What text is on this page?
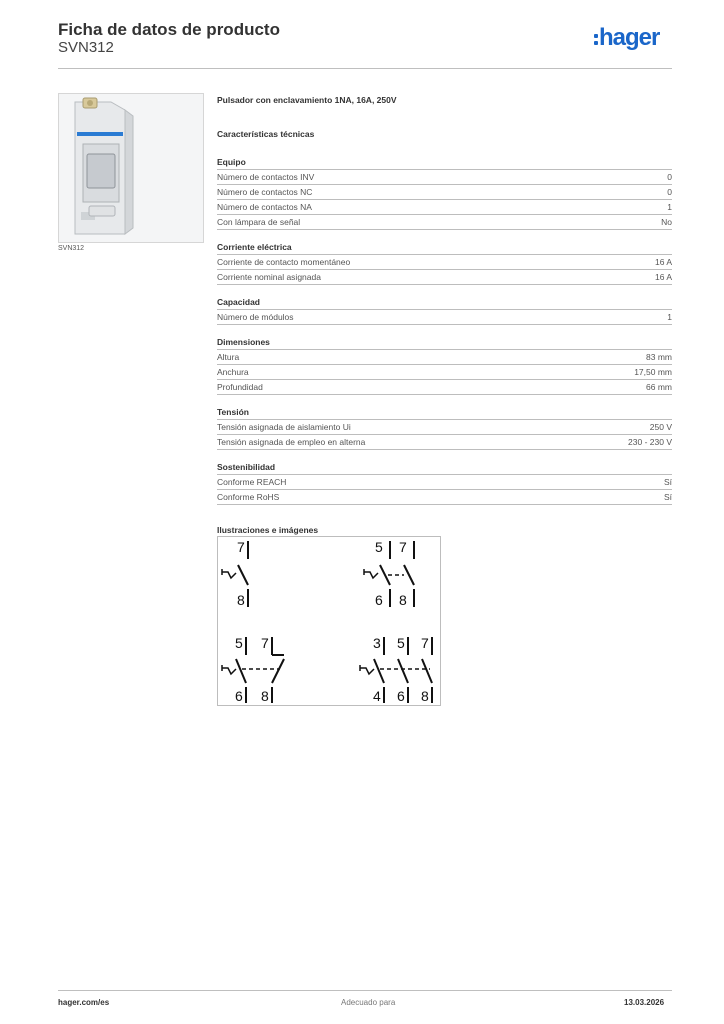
Ficha de datos de producto
SVN312	hager
SVN312
Pulsador con enclavamiento 1NA, 16A, 250V
Características técnicas
Equipo
Número de contactos INV	0
Número de contactos NC	0
Número de contactos NA	1
Con lámpara de señal	No
Corriente eléctrica
Corriente de contacto momentáneo	16 A
Corriente nominal asignada	16 A
Capacidad
Número de módulos	1
Dimensiones
Altura	83 mm
Anchura	17,50 mm
Profundidad	66 mm
Tensión
Tensión asignada de aislamiento Ui	250 V
Tensión asignada de empleo en alterna	230 - 230 V
Sostenibilidad
Conforme REACH	Sí
Conforme RoHS	Sí
Ilustraciones e imágenes
7
8
5 7
6 8
5 7
6 8
3 5 7
4 6 8
hager.com/es	Adecuado para	13.03.2026
